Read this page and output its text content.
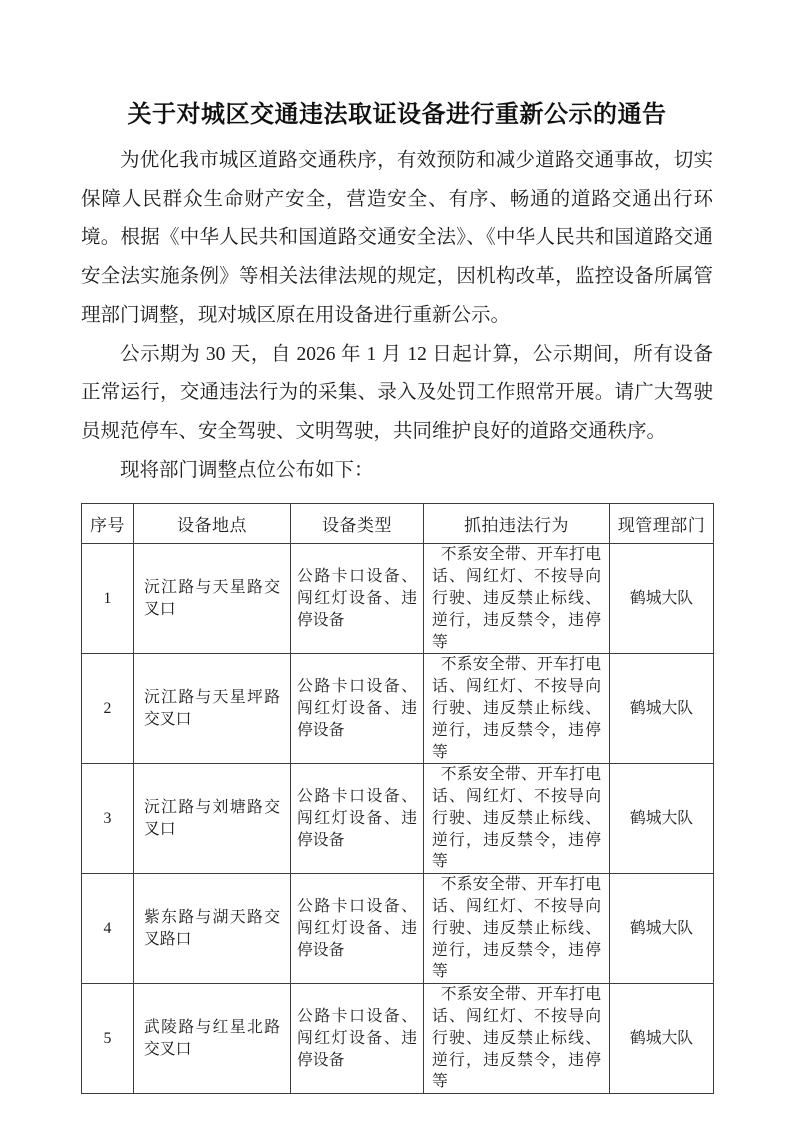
关于对城区交通违法取证设备进行重新公示的通告

为优化我市城区道路交通秩序，有效预防和减少道路交通事故，切实保障人民群众生命财产安全，营造安全、有序、畅通的道路交通出行环境。根据《中华人民共和国道路交通安全法》、《中华人民共和国道路交通安全法实施条例》等相关法律法规的规定，因机构改革，监控设备所属管理部门调整，现对城区原在用设备进行重新公示。

公示期为 30 天，自 2026 年 1 月 12 日起计算，公示期间，所有设备正常运行，交通违法行为的采集、录入及处罚工作照常开展。请广大驾驶员规范停车、安全驾驶、文明驾驶，共同维护良好的道路交通秩序。

现将部门调整点位公布如下：

序号	设备地点	设备类型	抓拍违法行为	现管理部门
1	沅江路与天星路交叉口	公路卡口设备、闯红灯设备、违停设备	不系安全带、开车打电话、闯红灯、不按导向行驶、违反禁止标线、逆行，违反禁令，违停等	鹤城大队
2	沅江路与天星坪路交叉口	公路卡口设备、闯红灯设备、违停设备	不系安全带、开车打电话、闯红灯、不按导向行驶、违反禁止标线、逆行，违反禁令，违停等	鹤城大队
3	沅江路与刘塘路交叉口	公路卡口设备、闯红灯设备、违停设备	不系安全带、开车打电话、闯红灯、不按导向行驶、违反禁止标线、逆行，违反禁令，违停等	鹤城大队
4	紫东路与湖天路交叉路口	公路卡口设备、闯红灯设备、违停设备	不系安全带、开车打电话、闯红灯、不按导向行驶、违反禁止标线、逆行，违反禁令，违停等	鹤城大队
5	武陵路与红星北路交叉口	公路卡口设备、闯红灯设备、违停设备	不系安全带、开车打电话、闯红灯、不按导向行驶、违反禁止标线、逆行，违反禁令，违停等	鹤城大队
